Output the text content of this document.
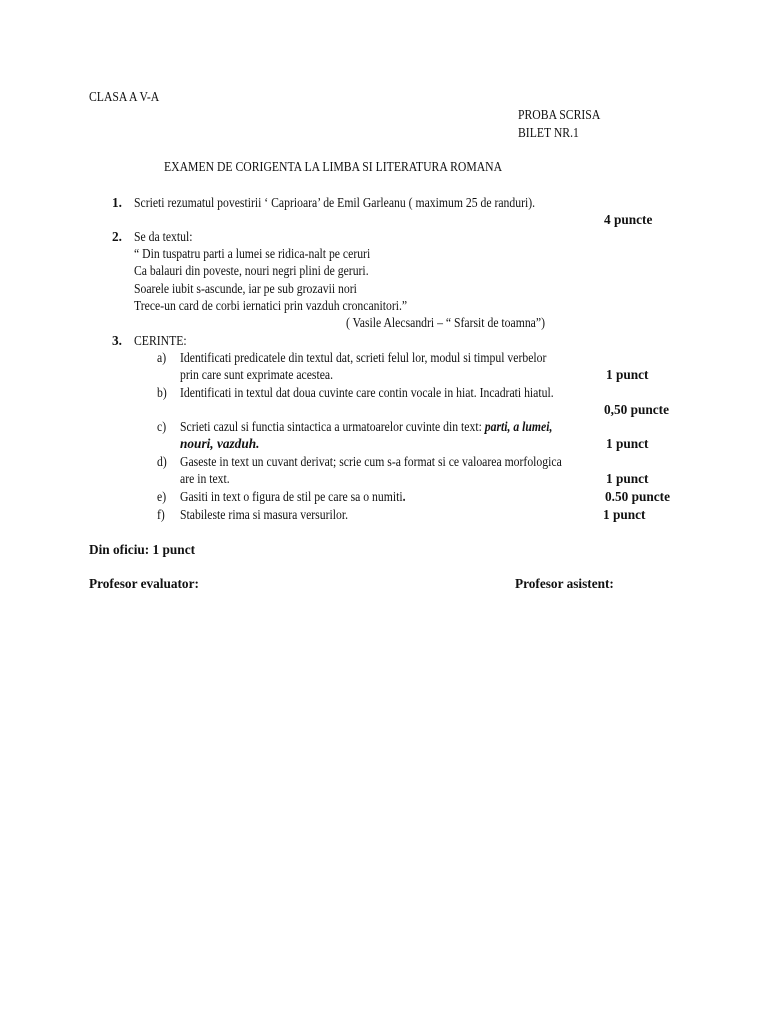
CLASA A V-A
PROBA SCRISA
BILET NR.1
EXAMEN DE CORIGENTA LA LIMBA SI LITERATURA ROMANA
1. Scrieti rezumatul povestirii ‘ Caprioara’ de Emil Garleanu ( maximum 25 de randuri).
4 puncte
2. Se da textul:
“ Din tuspatru parti a lumei se ridica-nalt pe ceruri
Ca balauri din poveste, nouri negri plini de geruri.
Soarele iubit s-ascunde, iar pe sub grozavii nori
Trece-un card de corbi iernatici prin vazduh croncanitori.”
( Vasile Alecsandri – “ Sfarsit de toamna”)
3. CERINTE:
a) Identificati predicatele din textul dat, scrieti felul lor, modul si timpul verbelor
prin care sunt exprimate acestea.	1 punct
b) Identificati in textul dat doua cuvinte care contin vocale in hiat. Incadrati hiatul.
0,50 puncte
c) Scrieti cazul si functia sintactica a urmatoarelor cuvinte din text: parti, a lumei,
nouri, vazduh.	1 punct
d) Gaseste in text un cuvant derivat; scrie cum s-a format si ce valoarea morfologica
are in text.	1 punct
e) Gasiti in text o figura de stil pe care sa o numiti.	0.50 puncte
f) Stabileste rima si masura versurilor.	1 punct
Din oficiu: 1 punct
Profesor evaluator:	Profesor asistent:
